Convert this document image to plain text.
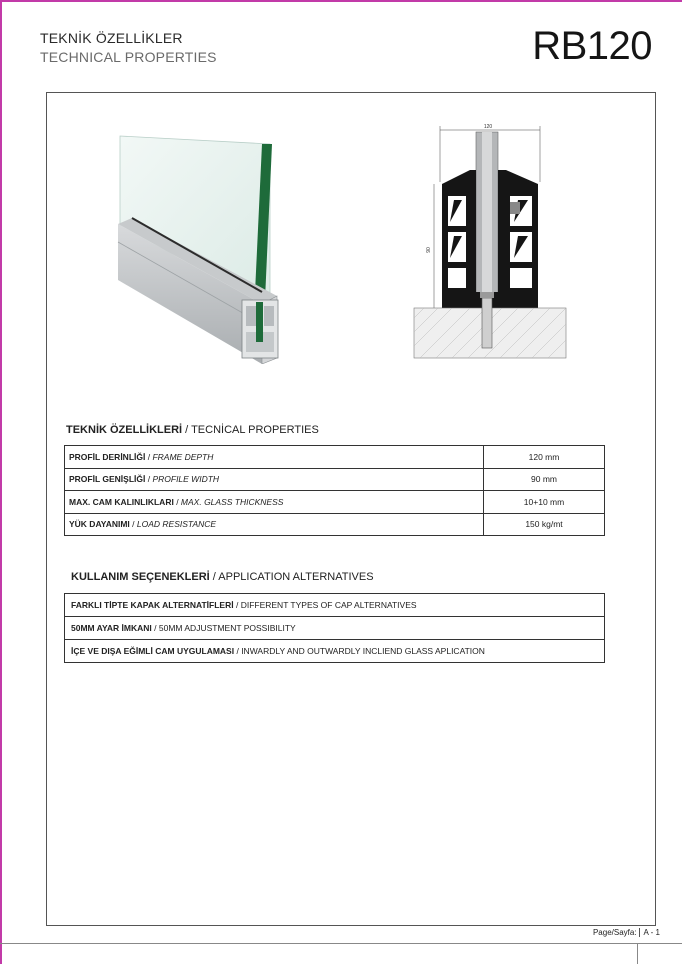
TEKNİK ÖZELLİKLER
TECHNICAL PROPERTIES	RB120
120
90
TEKNİK ÖZELLİKLERİ / TECNİCAL PROPERTIES
PROFİL DERİNLİĞİ / FRAME DEPTH	120 mm
PROFİL GENİŞLİĞİ / PROFILE WIDTH	90 mm
MAX. CAM KALINLIKLARI / MAX. GLASS THICKNESS	10+10 mm
YÜK DAYANIMI / LOAD RESISTANCE	150 kg/mt
KULLANIM SEÇENEKLERİ / APPLICATION ALTERNATIVES
FARKLI TİPTE KAPAK ALTERNATİFLERİ / DIFFERENT TYPES OF CAP ALTERNATIVES
50MM AYAR İMKANI / 50MM ADJUSTMENT POSSIBILITY
İÇE VE DIŞA EĞİMLİ CAM UYGULAMASI / INWARDLY AND OUTWARDLY INCLIEND GLASS APLICATION
Page/Sayfa: A - 1
